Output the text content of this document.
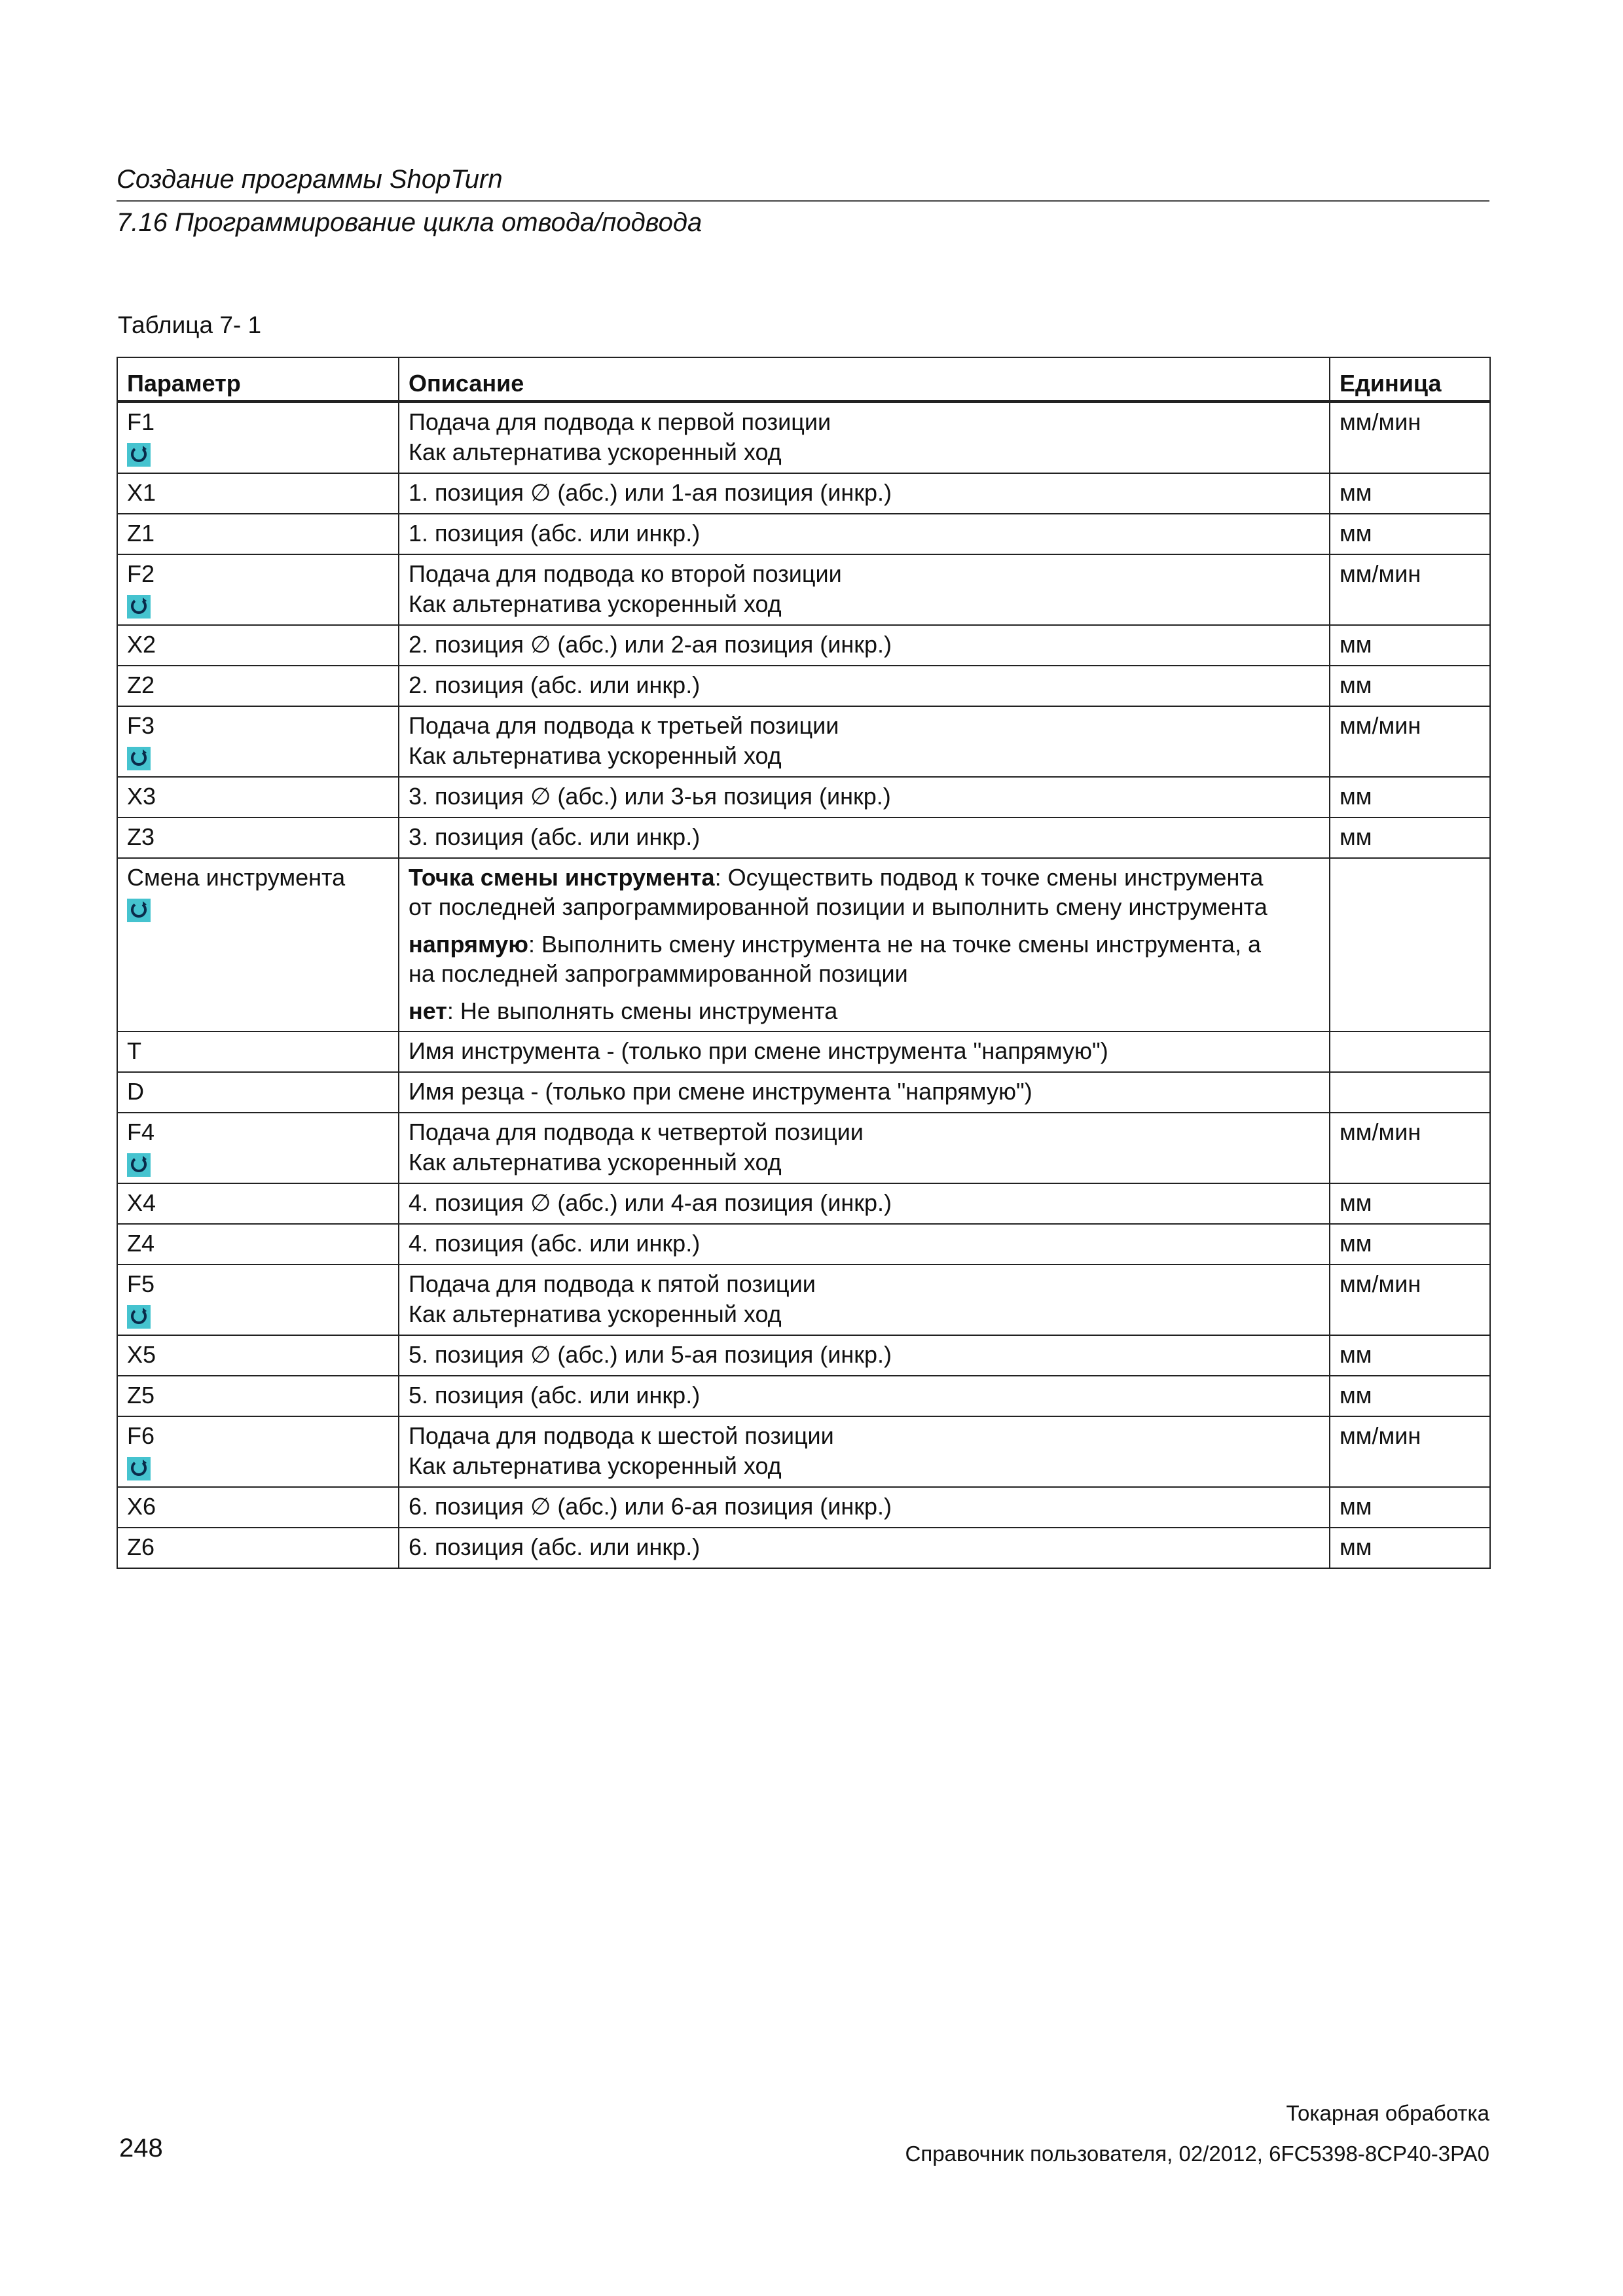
Создание программы ShopTurn
7.16 Программирование цикла отвода/подвода
Таблица 7- 1
Параметр	Описание	Единица

F1	Подача для подвода к первой позиции
Как альтернатива ускоренный ход	мм/мин
X1	1. позиция ∅ (абс.) или 1-ая позиция (инкр.)	мм
Z1	1. позиция (абс. или инкр.)	мм

F2	Подача для подвода ко второй позиции
Как альтернатива ускоренный ход	мм/мин
X2	2. позиция ∅ (абс.) или 2-ая позиция (инкр.)	мм
Z2	2. позиция (абс. или инкр.)	мм

F3	Подача для подвода к третьей позиции
Как альтернатива ускоренный ход	мм/мин
X3	3. позиция ∅ (абс.) или 3-ья позиция (инкр.)	мм
Z3	3. позиция (абс. или инкр.)	мм

Смена инструмента	Точка смены инструмента: Осуществить подвод к точке смены инструмента
от последней запрограммированной позиции и выполнить смену инструмента
напрямую: Выполнить смену инструмента не на точке смены инструмента, а
на последней запрограммированной позиции
нет: Не выполнять смены инструмента	

T	Имя инструмента - (только при смене инструмента "напрямую")	
D	Имя резца - (только при смене инструмента "напрямую")	

F4	Подача для подвода к четвертой позиции
Как альтернатива ускоренный ход	мм/мин
X4	4. позиция ∅ (абс.) или 4-ая позиция (инкр.)	мм
Z4	4. позиция (абс. или инкр.)	мм

F5	Подача для подвода к пятой позиции
Как альтернатива ускоренный ход	мм/мин
X5	5. позиция ∅ (абс.) или 5-ая позиция (инкр.)	мм
Z5	5. позиция (абс. или инкр.)	мм

F6	Подача для подвода к шестой позиции
Как альтернатива ускоренный ход	мм/мин
X6	6. позиция ∅ (абс.) или 6-ая позиция (инкр.)	мм
Z6	6. позиция (абс. или инкр.)	мм
Токарная обработка
Справочник пользователя, 02/2012, 6FC5398-8CP40-3PA0
248
